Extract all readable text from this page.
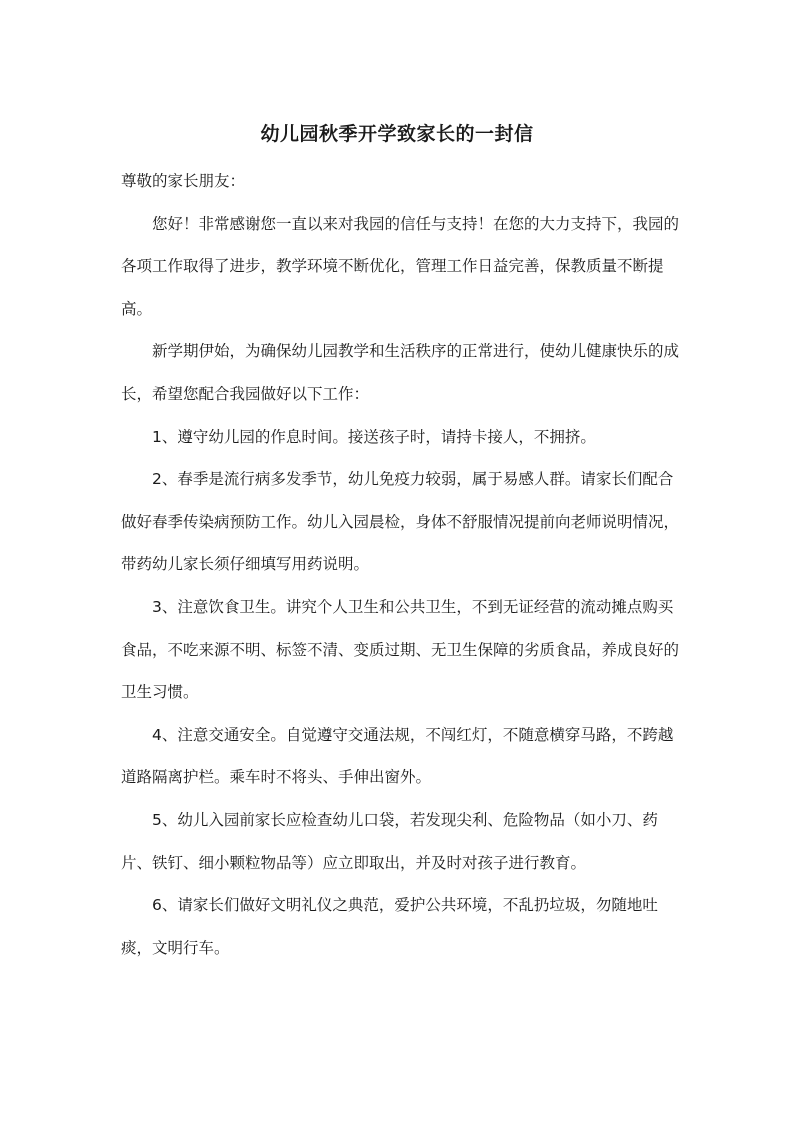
幼儿园秋季开学致家长的一封信

尊敬的家长朋友：

您好！非常感谢您一直以来对我园的信任与支持！在您的大力支持下，我园的各项工作取得了进步，教学环境不断优化，管理工作日益完善，保教质量不断提高。

新学期伊始，为确保幼儿园教学和生活秩序的正常进行，使幼儿健康快乐的成长，希望您配合我园做好以下工作：

1、遵守幼儿园的作息时间。接送孩子时，请持卡接人，不拥挤。

2、春季是流行病多发季节，幼儿免疫力较弱，属于易感人群。请家长们配合做好春季传染病预防工作。幼儿入园晨检，身体不舒服情况提前向老师说明情况，带药幼儿家长须仔细填写用药说明。

3、注意饮食卫生。讲究个人卫生和公共卫生，不到无证经营的流动摊点购买食品，不吃来源不明、标签不清、变质过期、无卫生保障的劣质食品，养成良好的卫生习惯。

4、注意交通安全。自觉遵守交通法规，不闯红灯，不随意横穿马路，不跨越道路隔离护栏。乘车时不将头、手伸出窗外。

5、幼儿入园前家长应检查幼儿口袋，若发现尖利、危险物品（如小刀、药片、铁钉、细小颗粒物品等）应立即取出，并及时对孩子进行教育。

6、请家长们做好文明礼仪之典范，爱护公共环境，不乱扔垃圾，勿随地吐痰，文明行车。
